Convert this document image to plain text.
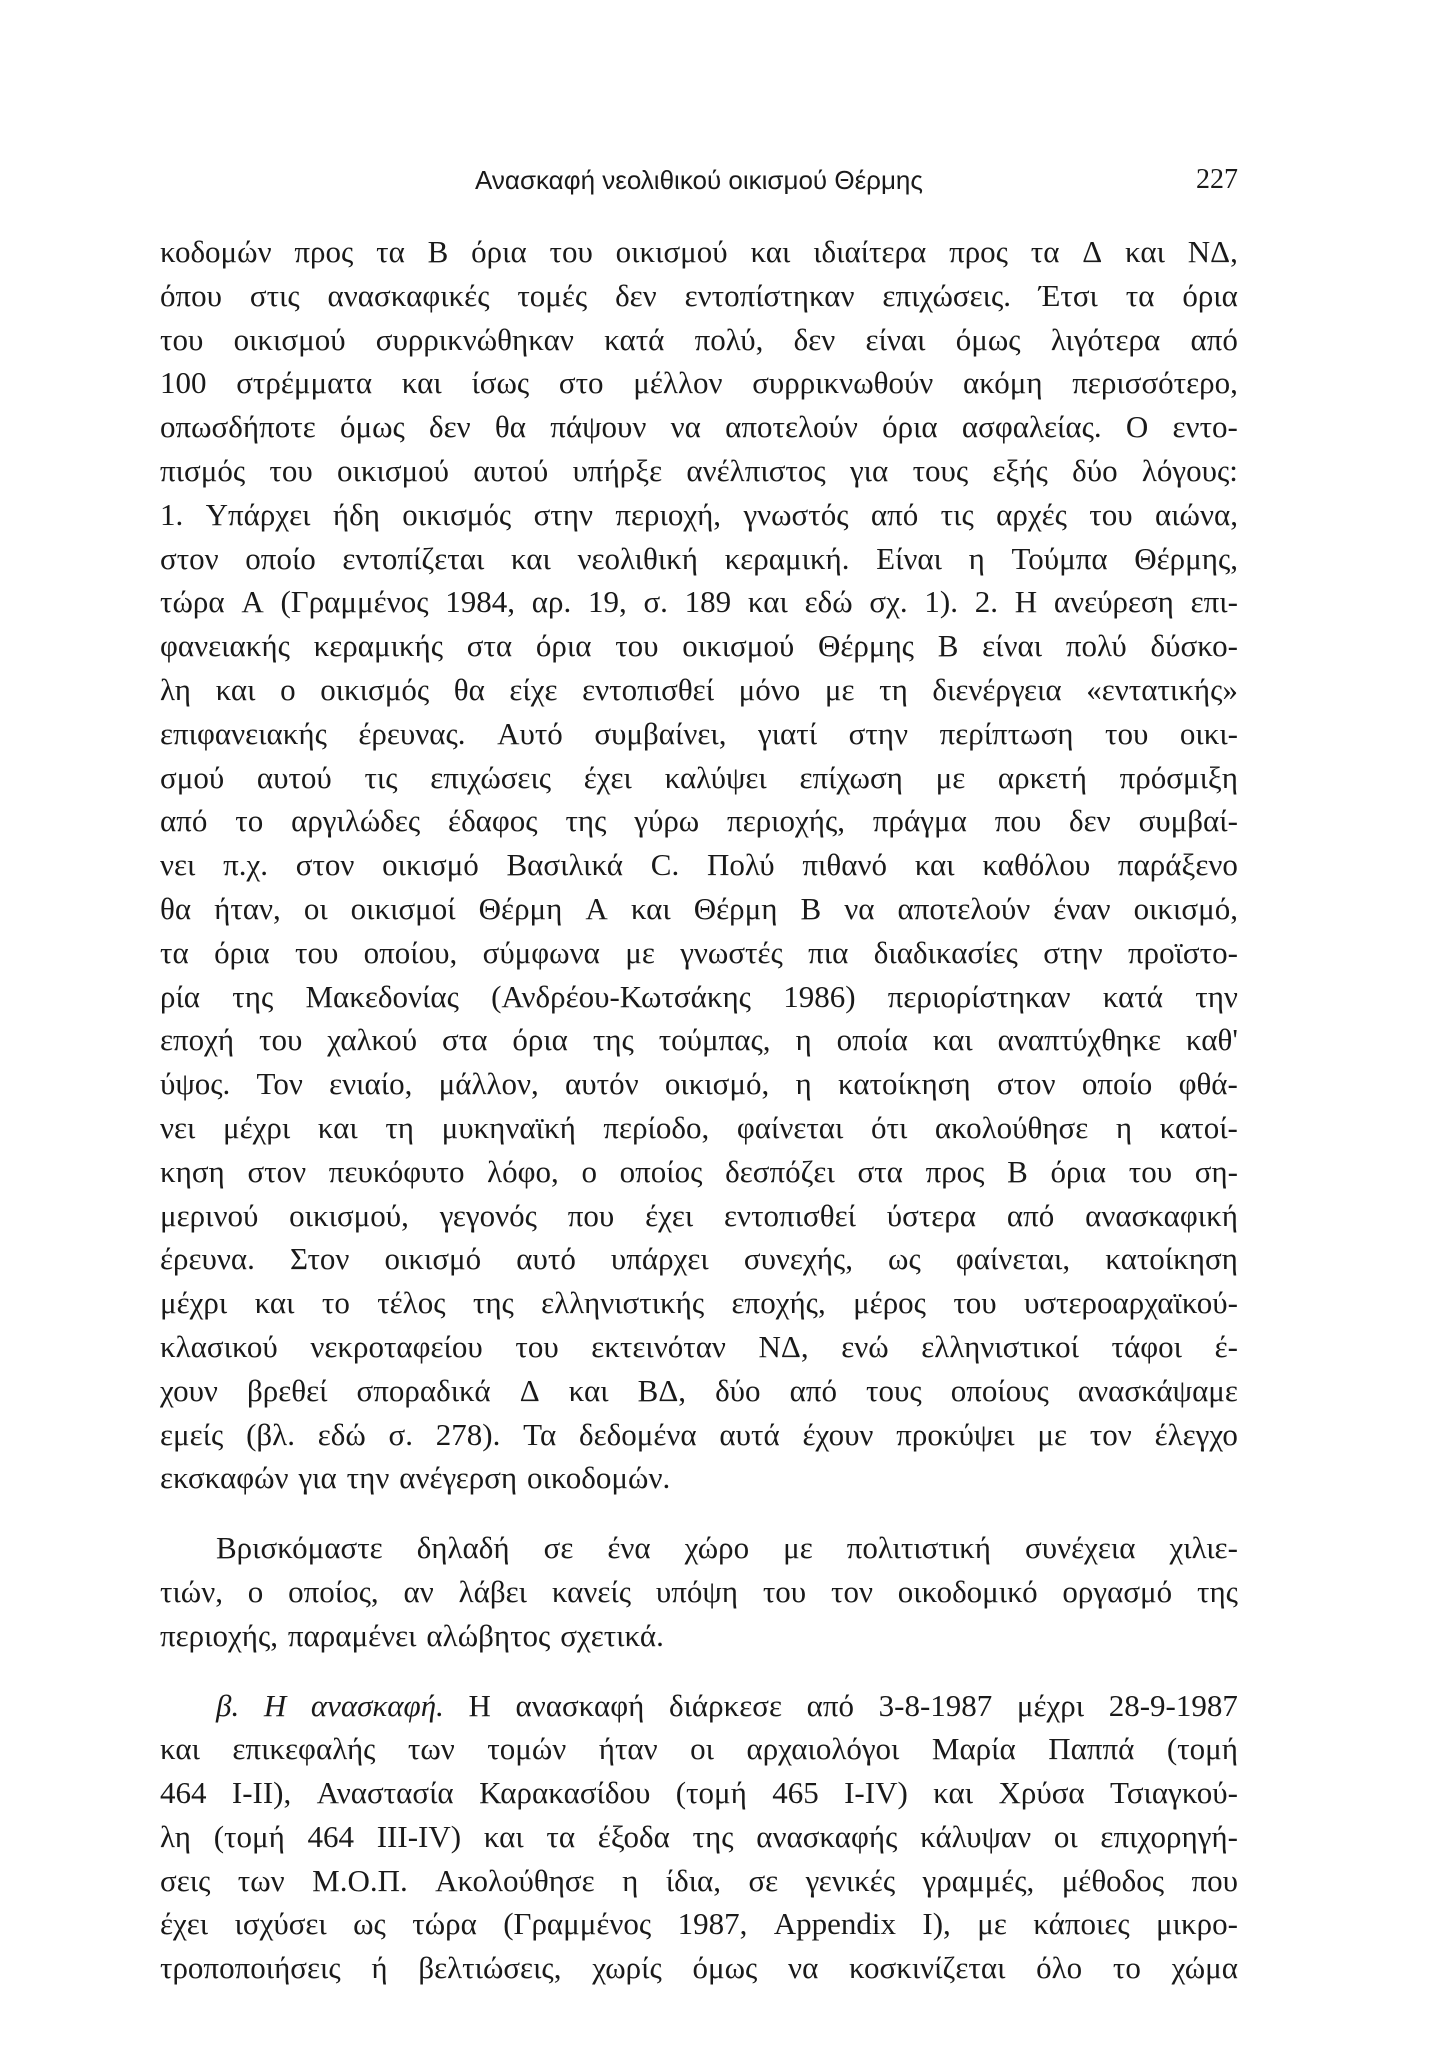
Ανασκαφή νεολιθικού οικισμού Θέρμης	227
κοδομών προς τα Β όρια του οικισμού και ιδιαίτερα προς τα Δ και ΝΔ,
όπου στις ανασκαφικές τομές δεν εντοπίστηκαν επιχώσεις. Έτσι τα όρια
του οικισμού συρρικνώθηκαν κατά πολύ, δεν είναι όμως λιγότερα από
100 στρέμματα και ίσως στο μέλλον συρρικνωθούν ακόμη περισσότερο,
οπωσδήποτε όμως δεν θα πάψουν να αποτελούν όρια ασφαλείας. Ο εντο-
πισμός του οικισμού αυτού υπήρξε ανέλπιστος για τους εξής δύο λόγους:
1. Υπάρχει ήδη οικισμός στην περιοχή, γνωστός από τις αρχές του αιώνα,
στον οποίο εντοπίζεται και νεολιθική κεραμική. Είναι η Τούμπα Θέρμης,
τώρα Α (Γραμμένος 1984, αρ. 19, σ. 189 και εδώ σχ. 1). 2. Η ανεύρεση επι-
φανειακής κεραμικής στα όρια του οικισμού Θέρμης Β είναι πολύ δύσκο-
λη και ο οικισμός θα είχε εντοπισθεί μόνο με τη διενέργεια «εντατικής»
επιφανειακής έρευνας. Αυτό συμβαίνει, γιατί στην περίπτωση του οικι-
σμού αυτού τις επιχώσεις έχει καλύψει επίχωση με αρκετή πρόσμιξη
από το αργιλώδες έδαφος της γύρω περιοχής, πράγμα που δεν συμβαί-
νει π.χ. στον οικισμό Βασιλικά C. Πολύ πιθανό και καθόλου παράξενο
θα ήταν, οι οικισμοί Θέρμη Α και Θέρμη Β να αποτελούν έναν οικισμό,
τα όρια του οποίου, σύμφωνα με γνωστές πια διαδικασίες στην προϊστο-
ρία της Μακεδονίας (Ανδρέου-Κωτσάκης 1986) περιορίστηκαν κατά την
εποχή του χαλκού στα όρια της τούμπας, η οποία και αναπτύχθηκε καθ'
ύψος. Τον ενιαίο, μάλλον, αυτόν οικισμό, η κατοίκηση στον οποίο φθά-
νει μέχρι και τη μυκηναϊκή περίοδο, φαίνεται ότι ακολούθησε η κατοί-
κηση στον πευκόφυτο λόφο, ο οποίος δεσπόζει στα προς Β όρια του ση-
μερινού οικισμού, γεγονός που έχει εντοπισθεί ύστερα από ανασκαφική
έρευνα. Στον οικισμό αυτό υπάρχει συνεχής, ως φαίνεται, κατοίκηση
μέχρι και το τέλος της ελληνιστικής εποχής, μέρος του υστεροαρχαϊκού-
κλασικού νεκροταφείου του εκτεινόταν ΝΔ, ενώ ελληνιστικοί τάφοι έ-
χουν βρεθεί σποραδικά Δ και ΒΔ, δύο από τους οποίους ανασκάψαμε
εμείς (βλ. εδώ σ. 278). Τα δεδομένα αυτά έχουν προκύψει με τον έλεγχο
εκσκαφών για την ανέγερση οικοδομών.
Βρισκόμαστε δηλαδή σε ένα χώρο με πολιτιστική συνέχεια χιλιε-
τιών, ο οποίος, αν λάβει κανείς υπόψη του τον οικοδομικό οργασμό της
περιοχής, παραμένει αλώβητος σχετικά.
β. Η ανασκαφή. Η ανασκαφή διάρκεσε από 3-8-1987 μέχρι 28-9-1987
και επικεφαλής των τομών ήταν οι αρχαιολόγοι Μαρία Παππά (τομή
464 I-II), Αναστασία Καρακασίδου (τομή 465 I-IV) και Χρύσα Τσιαγκού-
λη (τομή 464 III-IV) και τα έξοδα της ανασκαφής κάλυψαν οι επιχορηγή-
σεις των Μ.Ο.Π. Ακολούθησε η ίδια, σε γενικές γραμμές, μέθοδος που
έχει ισχύσει ως τώρα (Γραμμένος 1987, Appendix I), με κάποιες μικρο-
τροποποιήσεις ή βελτιώσεις, χωρίς όμως να κοσκινίζεται όλο το χώμα
